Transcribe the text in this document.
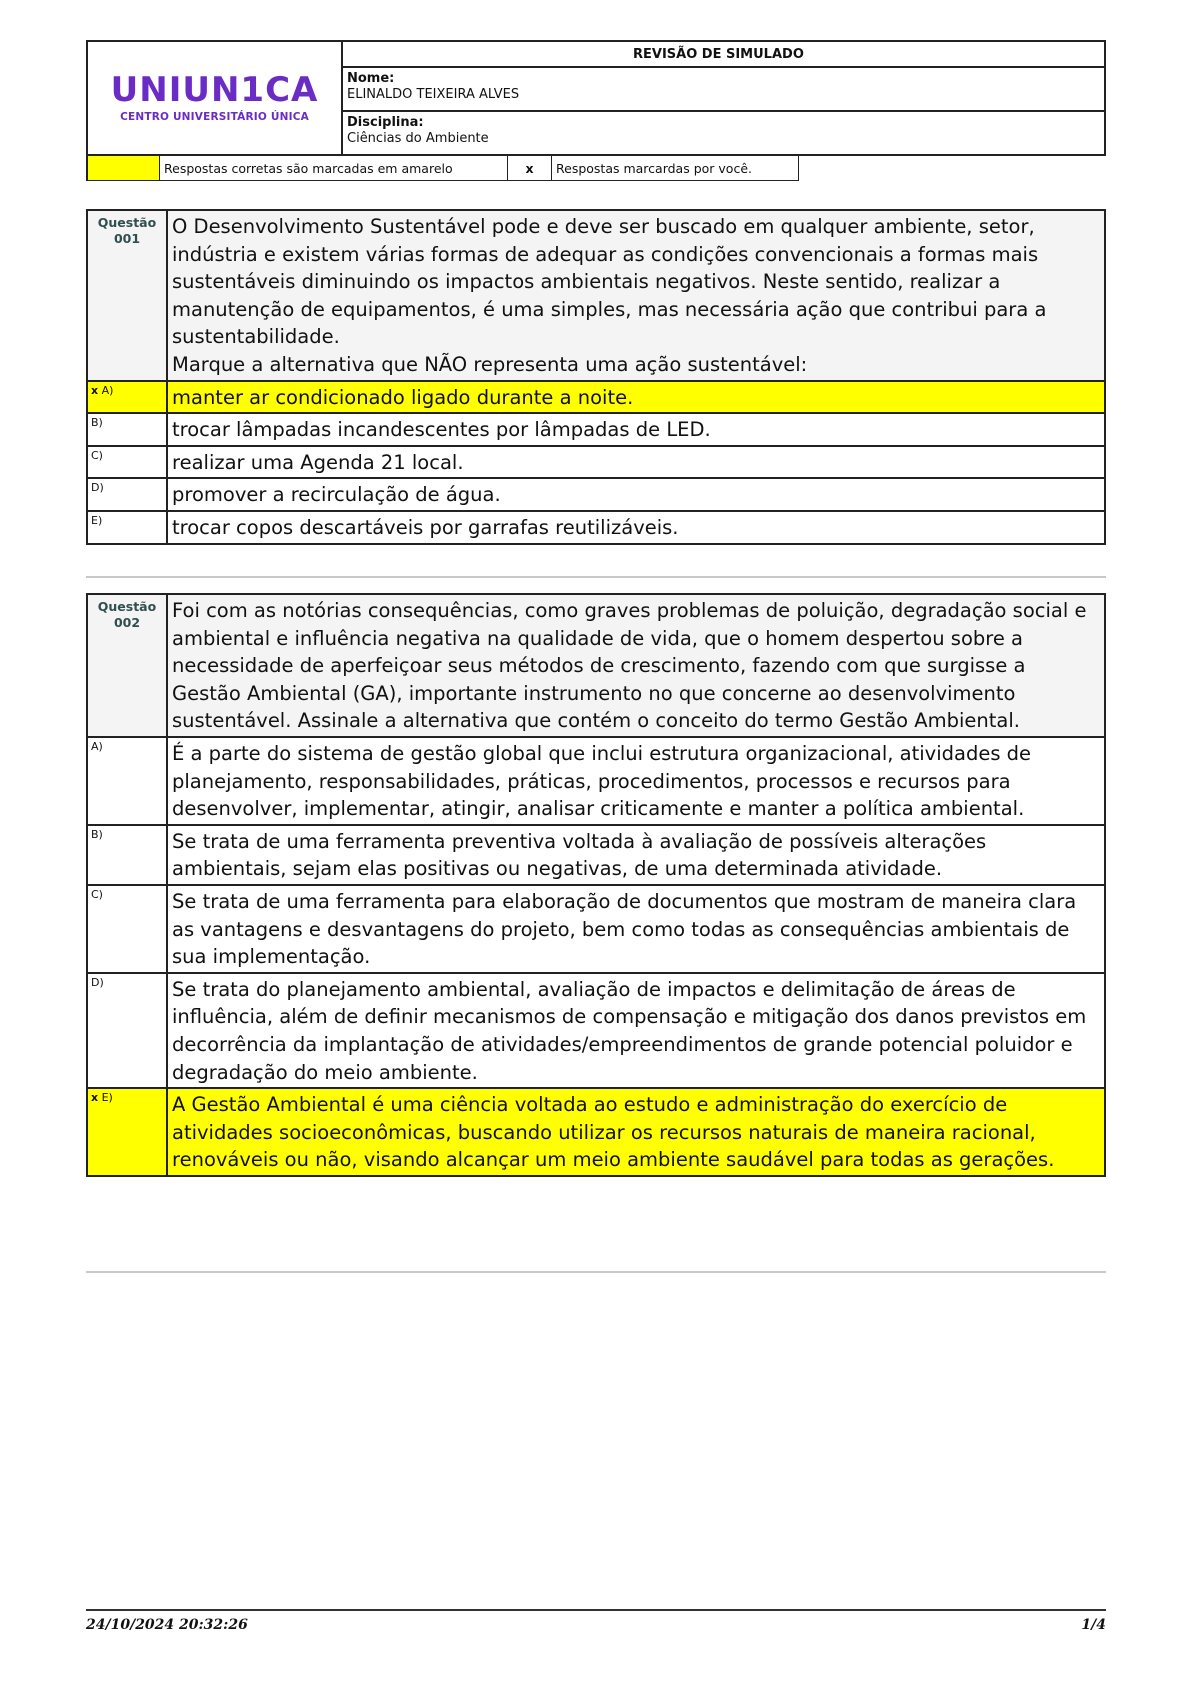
UNIUN1CA
CENTRO UNIVERSITÁRIO ÚNICA
REVISÃO DE SIMULADO
Nome:
ELINALDO TEIXEIRA ALVES
Disciplina:
Ciências do Ambiente
Respostas corretas são marcadas em amarelo	x	Respostas marcardas por você.
Questão
001
O Desenvolvimento Sustentável pode e deve ser buscado em qualquer ambiente, setor, indústria e existem várias formas de adequar as condições convencionais a formas mais sustentáveis diminuindo os impactos ambientais negativos. Neste sentido, realizar a manutenção de equipamentos, é uma simples, mas necessária ação que contribui para a sustentabilidade.
Marque a alternativa que NÃO representa uma ação sustentável:
x A)	manter ar condicionado ligado durante a noite.
B)	trocar lâmpadas incandescentes por lâmpadas de LED.
C)	realizar uma Agenda 21 local.
D)	promover a recirculação de água.
E)	trocar copos descartáveis por garrafas reutilizáveis.
Questão
002
Foi com as notórias consequências, como graves problemas de poluição, degradação social e ambiental e influência negativa na qualidade de vida, que o homem despertou sobre a necessidade de aperfeiçoar seus métodos de crescimento, fazendo com que surgisse a Gestão Ambiental (GA), importante instrumento no que concerne ao desenvolvimento sustentável. Assinale a alternativa que contém o conceito do termo Gestão Ambiental.
A)	É a parte do sistema de gestão global que inclui estrutura organizacional, atividades de planejamento, responsabilidades, práticas, procedimentos, processos e recursos para desenvolver, implementar, atingir, analisar criticamente e manter a política ambiental.
B)	Se trata de uma ferramenta preventiva voltada à avaliação de possíveis alterações ambientais, sejam elas positivas ou negativas, de uma determinada atividade.
C)	Se trata de uma ferramenta para elaboração de documentos que mostram de maneira clara as vantagens e desvantagens do projeto, bem como todas as consequências ambientais de sua implementação.
D)	Se trata do planejamento ambiental, avaliação de impactos e delimitação de áreas de influência, além de definir mecanismos de compensação e mitigação dos danos previstos em decorrência da implantação de atividades/empreendimentos de grande potencial poluidor e degradação do meio ambiente.
x E)	A Gestão Ambiental é uma ciência voltada ao estudo e administração do exercício de atividades socioeconômicas, buscando utilizar os recursos naturais de maneira racional, renováveis ou não, visando alcançar um meio ambiente saudável para todas as gerações.
24/10/2024 20:32:26	1/4
